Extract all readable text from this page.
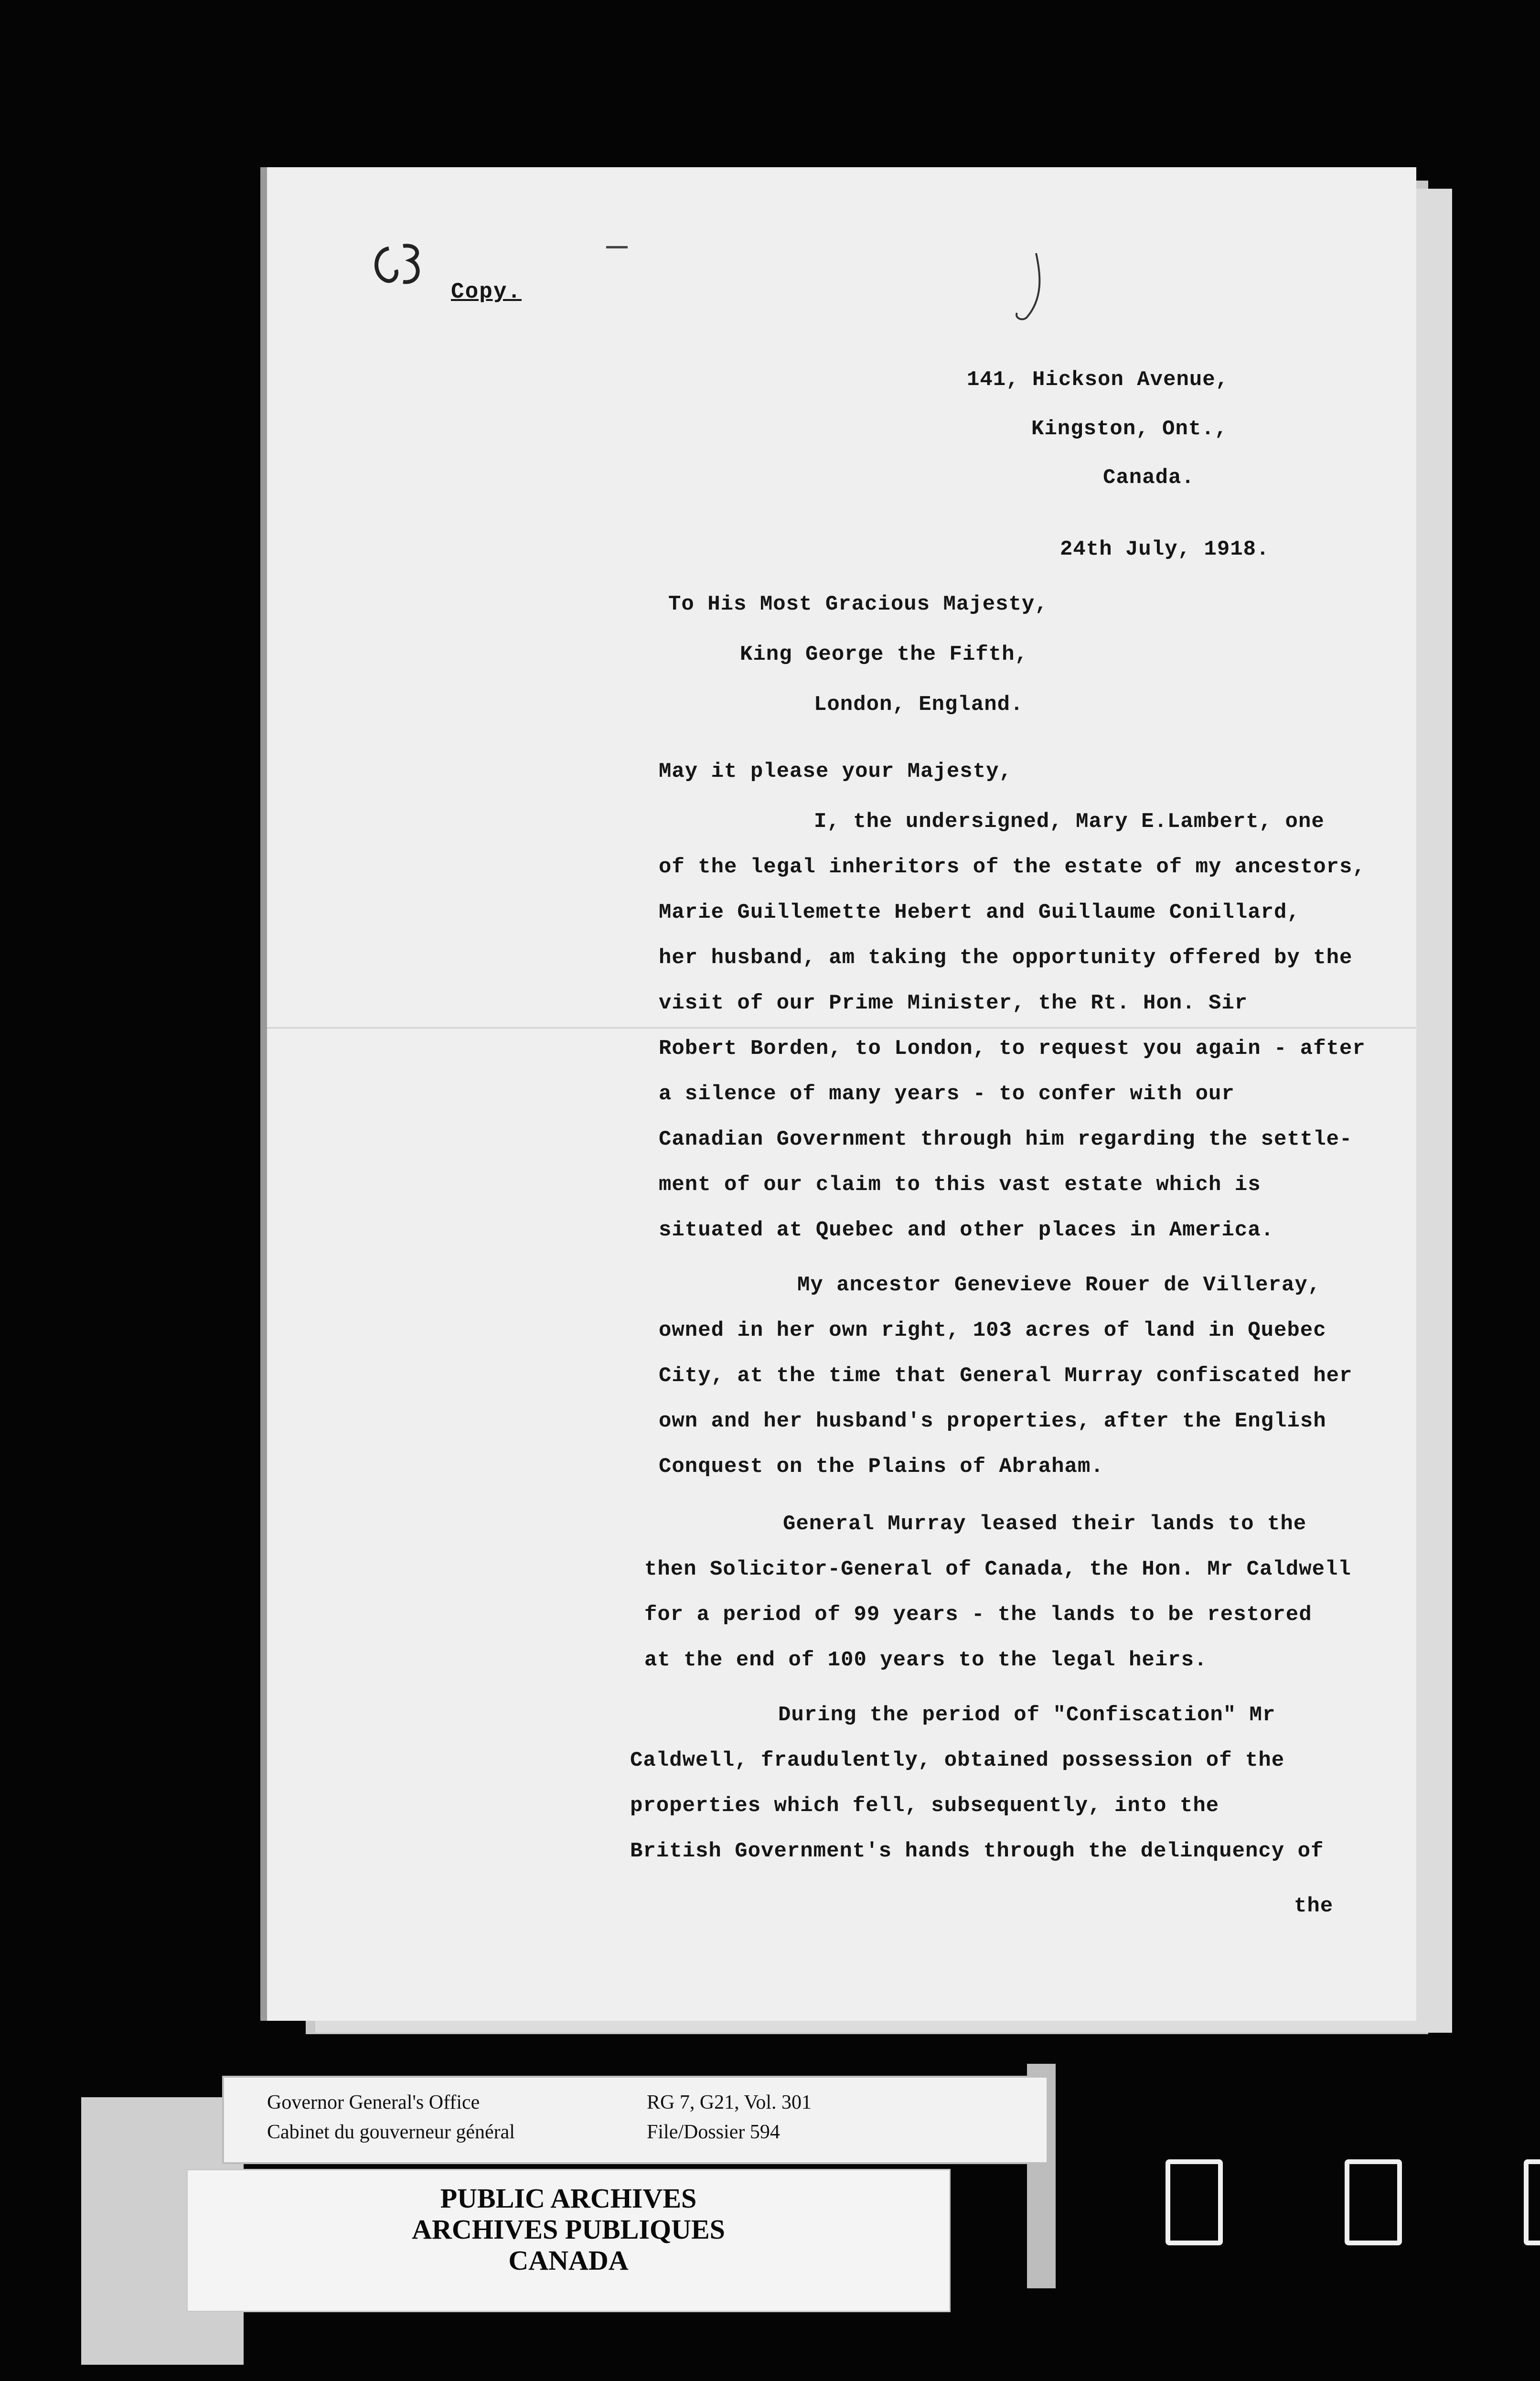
Copy.
141, Hickson Avenue,
Kingston, Ont.,
Canada.
24th July, 1918.
To His Most Gracious Majesty,
King George the Fifth,
London, England.
May it please your Majesty,
I, the undersigned, Mary E.Lambert, one
of the legal inheritors of the estate of my ancestors,
Marie Guillemette Hebert and Guillaume Conillard,
her husband, am taking the opportunity offered by the
visit of our Prime Minister, the Rt. Hon. Sir
Robert Borden, to London, to request you again - after
a silence of many years - to confer with our
Canadian Government through him regarding the settle-
ment of our claim to this vast estate which is
situated at Quebec and other places in America.
My ancestor Genevieve Rouer de Villeray,
owned in her own right, 103 acres of land in Quebec
City, at the time that General Murray confiscated her
own and her husband's properties, after the English
Conquest on the Plains of Abraham.
General Murray leased their lands to the
then Solicitor-General of Canada, the Hon. Mr Caldwell
for a period of 99 years - the lands to be restored
at the end of 100 years to the legal heirs.
During the period of "Confiscation" Mr
Caldwell, fraudulently, obtained possession of the
properties which fell, subsequently, into the
British Government's hands through the delinquency of
the
Governor General's Office
Cabinet du gouverneur général
RG 7, G21, Vol. 301
File/Dossier 594
PUBLIC ARCHIVES
ARCHIVES PUBLIQUES
CANADA
